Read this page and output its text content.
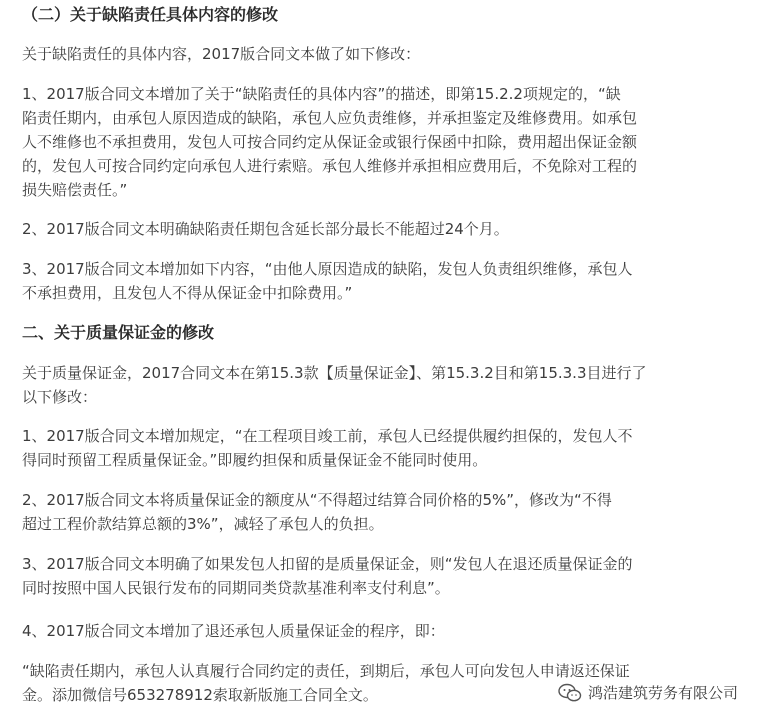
（二）关于缺陷责任具体内容的修改
关于缺陷责任的具体内容，2017版合同文本做了如下修改：
1、2017版合同文本增加了关于“缺陷责任的具体内容”的描述，即第15.2.2项规定的，“缺
陷责任期内，由承包人原因造成的缺陷，承包人应负责维修，并承担鉴定及维修费用。如承包
人不维修也不承担费用，发包人可按合同约定从保证金或银行保函中扣除，费用超出保证金额
的，发包人可按合同约定向承包人进行索赔。承包人维修并承担相应费用后，不免除对工程的
损失赔偿责任。”
2、2017版合同文本明确缺陷责任期包含延长部分最长不能超过24个月。
3、2017版合同文本增加如下内容，“由他人原因造成的缺陷，发包人负责组织维修，承包人
不承担费用，且发包人不得从保证金中扣除费用。”
二、关于质量保证金的修改
关于质量保证金，2017合同文本在第15.3款【质量保证金】、第15.3.2目和第15.3.3目进行了
以下修改：
1、2017版合同文本增加规定，“在工程项目竣工前，承包人已经提供履约担保的，发包人不
得同时预留工程质量保证金。”即履约担保和质量保证金不能同时使用。
2、2017版合同文本将质量保证金的额度从“不得超过结算合同价格的5%”，修改为“不得
超过工程价款结算总额的3%”，减轻了承包人的负担。
3、2017版合同文本明确了如果发包人扣留的是质量保证金，则“发包人在退还质量保证金的
同时按照中国人民银行发布的同期同类贷款基准利率支付利息”。
4、2017版合同文本增加了退还承包人质量保证金的程序，即：
“缺陷责任期内，承包人认真履行合同约定的责任，到期后，承包人可向发包人申请返还保证
金。添加微信号653278912索取新版施工合同全文。	鸿浩建筑劳务有限公司
